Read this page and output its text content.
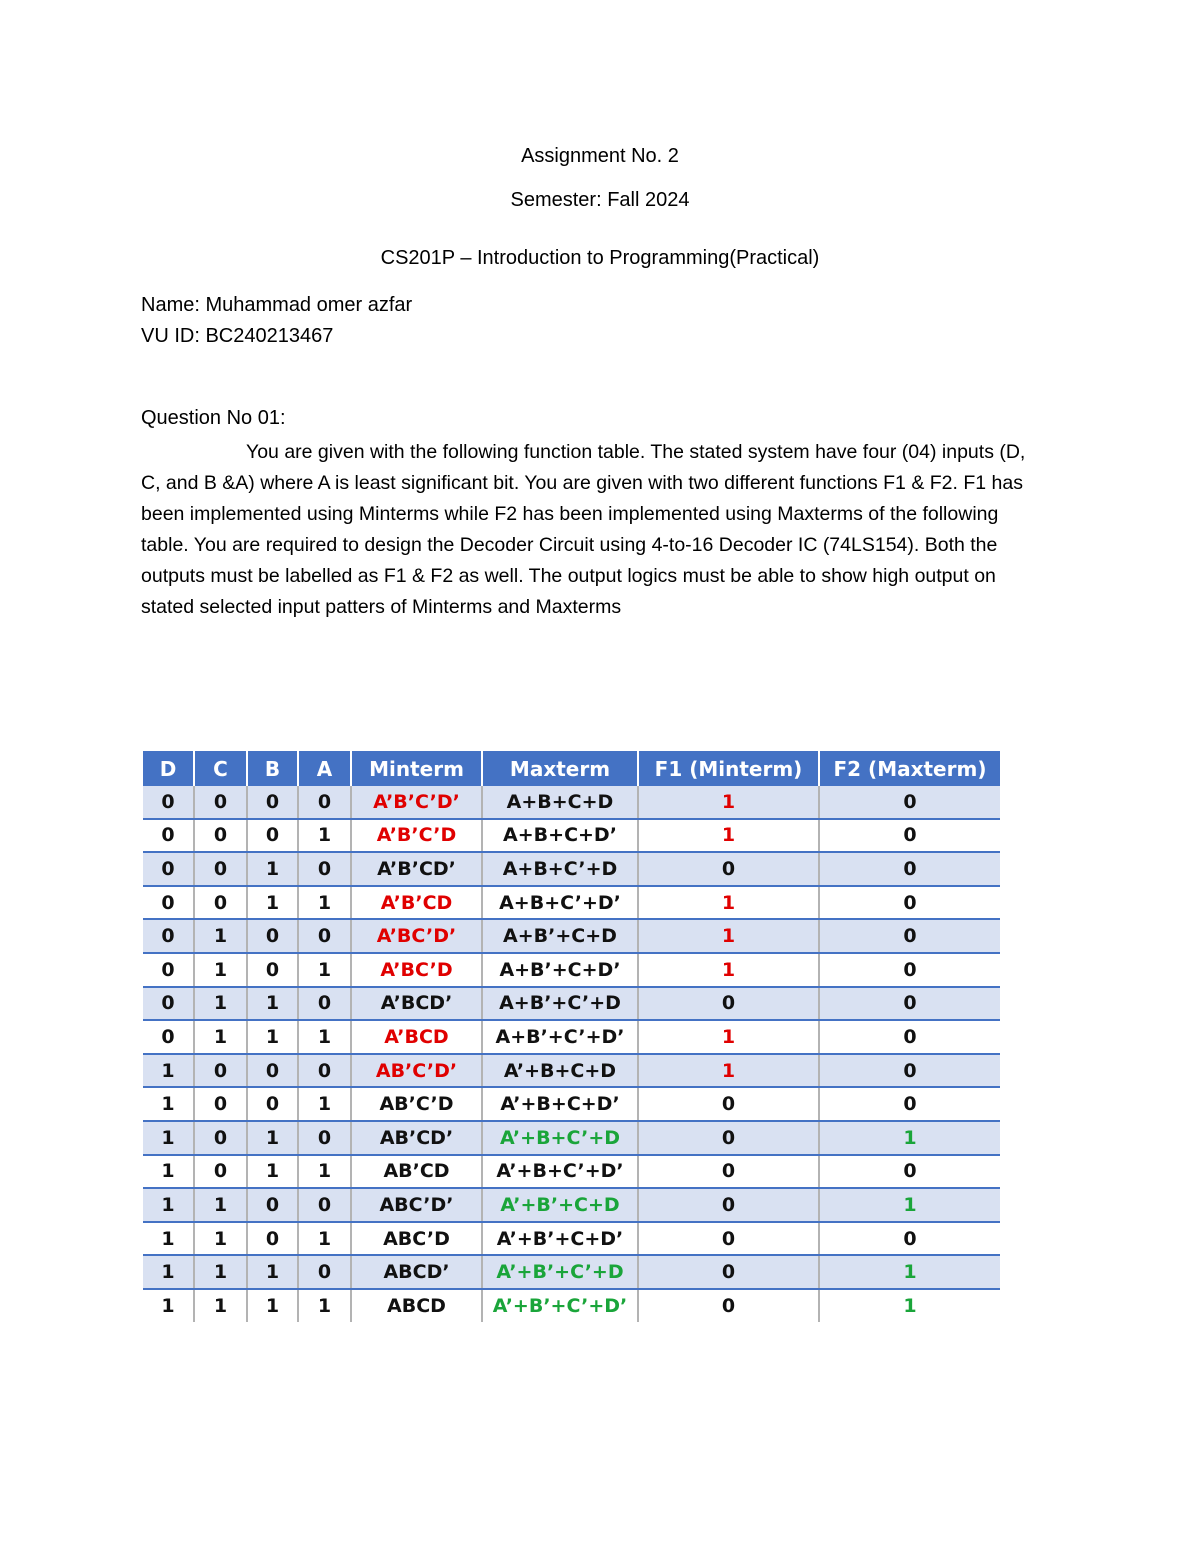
Assignment No. 2
Semester: Fall 2024
CS201P – Introduction to Programming(Practical)
Name: Muhammad omer azfar
VU ID: BC240213467
Question No 01:
You are given with the following function table. The stated system have four (04) inputs (D, C, and B &A) where A is least significant bit. You are given with two different functions F1 & F2. F1 has been implemented using Minterms while F2 has been implemented using Maxterms of the following table. You are required to design the Decoder Circuit using 4-to-16 Decoder IC (74LS154). Both the outputs must be labelled as F1 & F2 as well. The output logics must be able to show high output on stated selected input patters of Minterms and Maxterms
D	C	B	A	Minterm	Maxterm	F1 (Minterm)	F2 (Maxterm)
0	0	0	0	A’B’C’D’	A+B+C+D	1	0
0	0	0	1	A’B’C’D	A+B+C+D’	1	0
0	0	1	0	A’B’CD’	A+B+C’+D	0	0
0	0	1	1	A’B’CD	A+B+C’+D’	1	0
0	1	0	0	A’BC’D’	A+B’+C+D	1	0
0	1	0	1	A’BC’D	A+B’+C+D’	1	0
0	1	1	0	A’BCD’	A+B’+C’+D	0	0
0	1	1	1	A’BCD	A+B’+C’+D’	1	0
1	0	0	0	AB’C’D’	A’+B+C+D	1	0
1	0	0	1	AB’C’D	A’+B+C+D’	0	0
1	0	1	0	AB’CD’	A’+B+C’+D	0	1
1	0	1	1	AB’CD	A’+B+C’+D’	0	0
1	1	0	0	ABC’D’	A’+B’+C+D	0	1
1	1	0	1	ABC’D	A’+B’+C+D’	0	0
1	1	1	0	ABCD’	A’+B’+C’+D	0	1
1	1	1	1	ABCD	A’+B’+C’+D’	0	1
